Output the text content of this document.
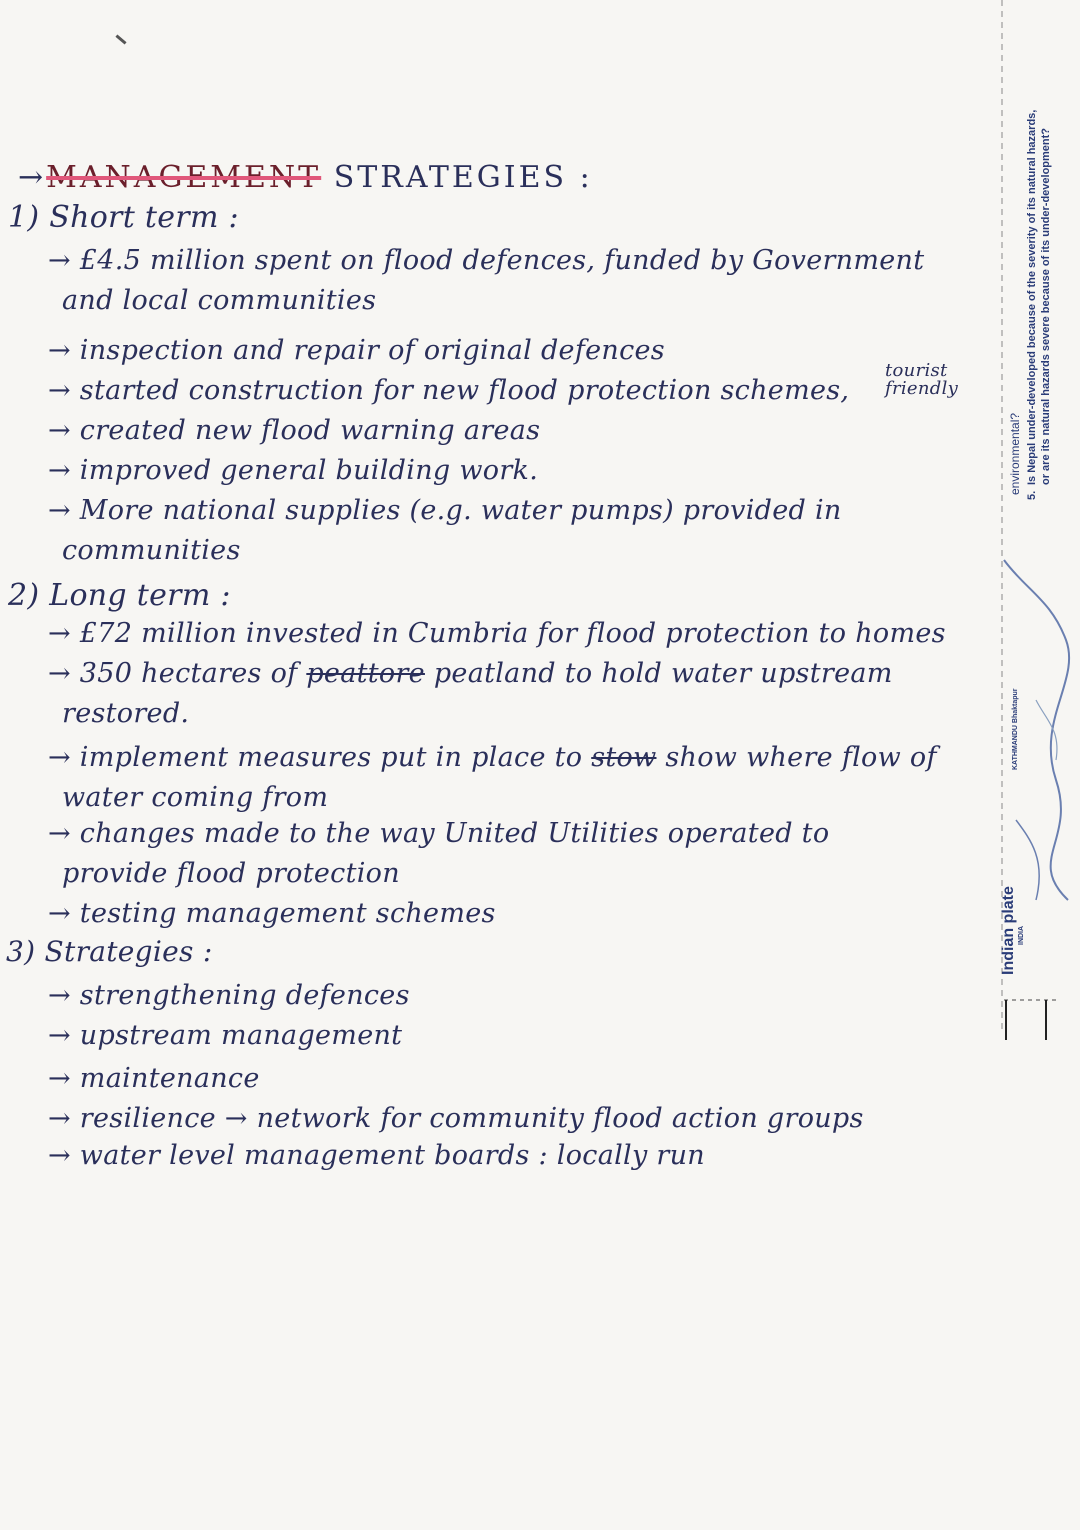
→MANAGEMENT STRATEGIES :
1) Short term :
→ £4.5 million spent on flood defences, funded by Government
and local communities
→ inspection and repair of original defences
→ started construction for new flood protection schemes,
tourist friendly
→ created new flood warning areas
→ improved general building work.
→ More national supplies (e.g. water pumps) provided in
communities
2) Long term :
→ £72 million invested in Cumbria for flood protection to homes
→ 350 hectares of peattore peatland to hold water upstream
restored.
→ implement measures put in place to stow show where flow of
water coming from
→ changes made to the way United Utilities operated to
provide flood protection
→ testing management schemes
3) Strategies :
→ strengthening defences
→ upstream management
→ maintenance
→ resilience → network for community flood action groups
→ water level management boards : locally run
5.
Is Nepal under-developed because of the severity of its natural hazards, or are its natural hazards severe because of its under-development?
environmental?
Indian plate INDIA
KATHMANDU Bhaktapur
